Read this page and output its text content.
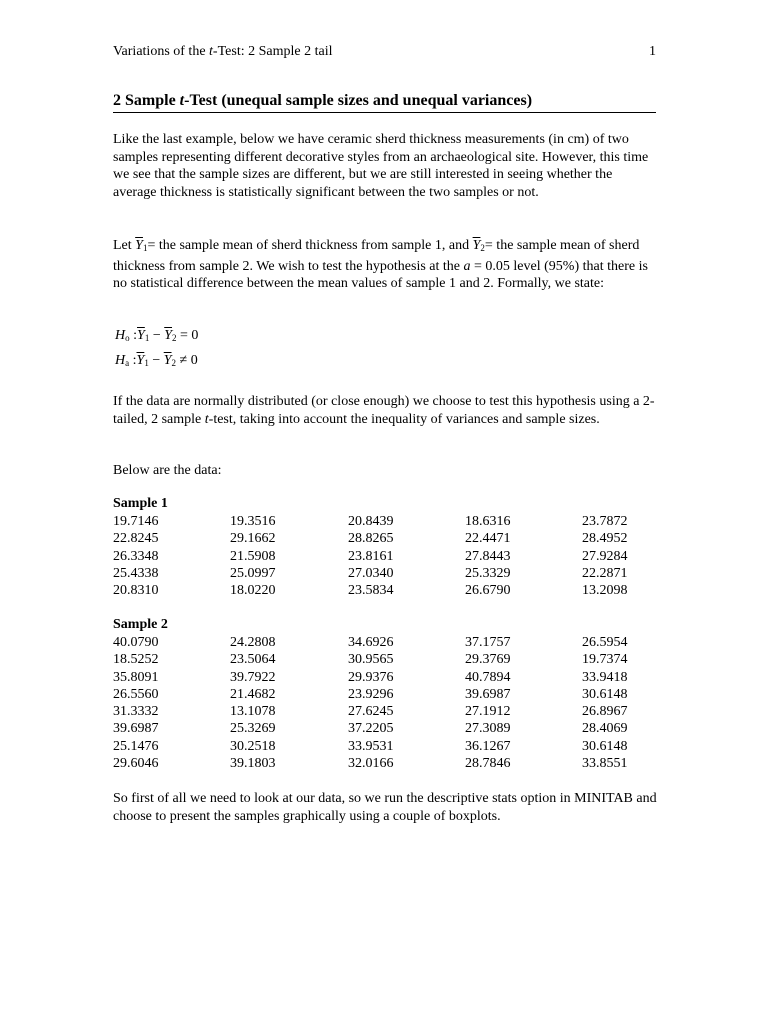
Variations of the t-Test: 2 Sample 2 tail	1
2 Sample t-Test (unequal sample sizes and unequal variances)
Like the last example, below we have ceramic sherd thickness measurements (in cm) of two samples representing different decorative styles from an archaeological site. However, this time we see that the sample sizes are different, but we are still interested in seeing whether the average thickness is statistically significant between the two samples or not.
Let $\overline{Y}_1=$ the sample mean of sherd thickness from sample 1, and $\overline{Y}_2=$ the sample mean of sherd thickness from sample 2. We wish to test the hypothesis at the a = 0.05 level (95%) that there is no statistical difference between the mean values of sample 1 and 2. Formally, we state:
$H_o$ $:\overline{Y}_1 - \overline{Y}_2 = 0$
$H_a$ $:\overline{Y}_1 - \overline{Y}_2 \ne 0$
If the data are normally distributed (or close enough) we choose to test this hypothesis using a 2-tailed, 2 sample t-test, taking into account the inequality of variances and sample sizes.
Below are the data:
Sample 1
19.7146	19.3516	20.8439	18.6316	23.7872
22.8245	29.1662	28.8265	22.4471	28.4952
26.3348	21.5908	23.8161	27.8443	27.9284
25.4338	25.0997	27.0340	25.3329	22.2871
20.8310	18.0220	23.5834	26.6790	13.2098
Sample 2
40.0790	24.2808	34.6926	37.1757	26.5954
18.5252	23.5064	30.9565	29.3769	19.7374
35.8091	39.7922	29.9376	40.7894	33.9418
26.5560	21.4682	23.9296	39.6987	30.6148
31.3332	13.1078	27.6245	27.1912	26.8967
39.6987	25.3269	37.2205	27.3089	28.4069
25.1476	30.2518	33.9531	36.1267	30.6148
29.6046	39.1803	32.0166	28.7846	33.8551
So first of all we need to look at our data, so we run the descriptive stats option in MINITAB and choose to present the samples graphically using a couple of boxplots.
